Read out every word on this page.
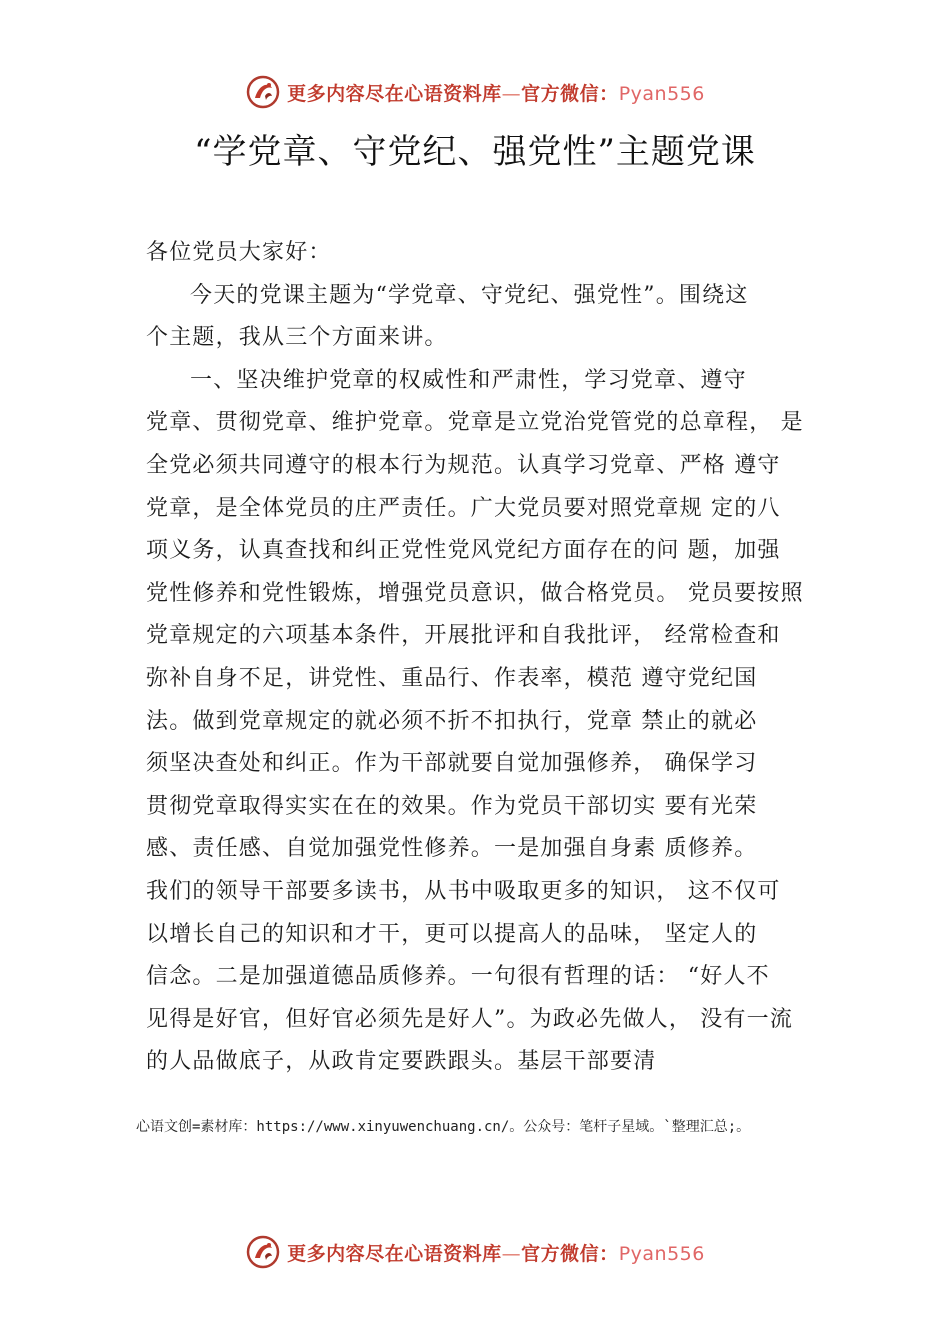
更多内容尽在心语资料库—官方微信：Pyan556
“学党章、守党纪、强党性”主题党课
各位党员大家好：
今天的党课主题为“学党章、守党纪、强党性”。围绕这
个主题，我从三个方面来讲。
一、坚决维护党章的权威性和严肃性，学习党章、遵守
党章、贯彻党章、维护党章。党章是立党治党管党的总章程， 是
全党必须共同遵守的根本行为规范。认真学习党章、严格 遵守
党章，是全体党员的庄严责任。广大党员要对照党章规 定的八
项义务，认真查找和纠正党性党风党纪方面存在的问 题，加强
党性修养和党性锻炼，增强党员意识，做合格党员。 党员要按照
党章规定的六项基本条件，开展批评和自我批评， 经常检查和
弥补自身不足，讲党性、重品行、作表率，模范 遵守党纪国
法。做到党章规定的就必须不折不扣执行，党章 禁止的就必
须坚决查处和纠正。作为干部就要自觉加强修养， 确保学习
贯彻党章取得实实在在的效果。作为党员干部切实 要有光荣
感、责任感、自觉加强党性修养。一是加强自身素 质修养。
我们的领导干部要多读书，从书中吸取更多的知识， 这不仅可
以增长自己的知识和才干，更可以提高人的品味， 坚定人的
信念。二是加强道德品质修养。一句很有哲理的话： “好人不
见得是好官，但好官必须先是好人”。为政必先做人， 没有一流
的人品做底子，从政肯定要跌跟头。基层干部要清
心语文创=素材库：https://www.xinyuwenchuang.cn/。公众号：笔杆子星域。`整理汇总;。
更多内容尽在心语资料库—官方微信：Pyan556
